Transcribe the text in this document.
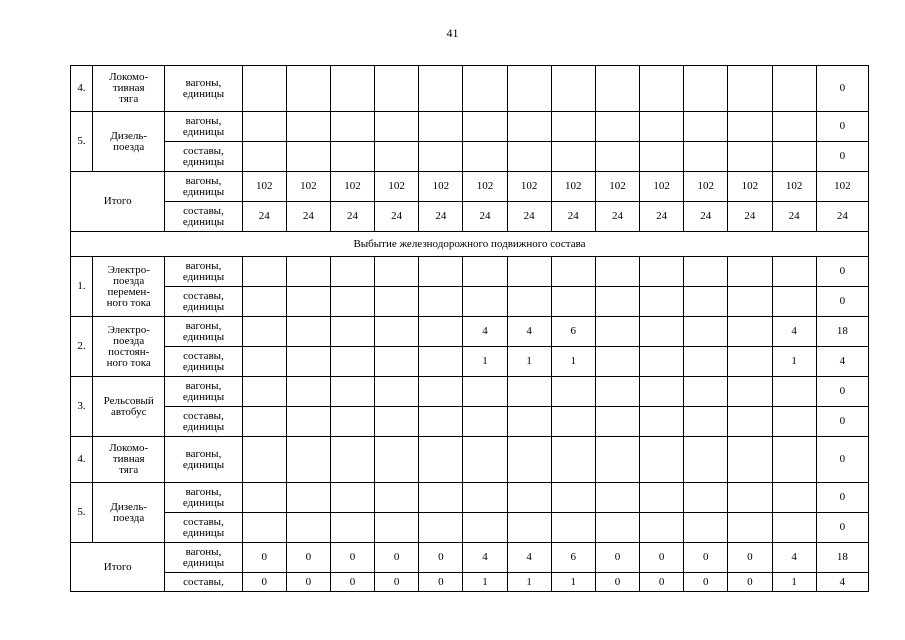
41
4.	Локомо-
тивная
тяга	вагоны,
единицы														0
5.	Дизель-
поезда	вагоны,
единицы														0
		составы,
единицы														0
Итого		вагоны,
единицы	102	102	102	102	102	102	102	102	102	102	102	102	102	102
		составы,
единицы	24	24	24	24	24	24	24	24	24	24	24	24	24	24
Выбытие железнодорожного подвижного состава																
1.	Электро-
поезда
перемен-
ного тока	вагоны,
единицы														0
		составы,
единицы														0
2.	Электро-
поезда
постоян-
ного тока	вагоны,
единицы						4	4	6					4	18
		составы,
единицы						1	1	1					1	4
3.	Рельсовый
автобус	вагоны,
единицы														0
		составы,
единицы														0
4.	Локомо-
тивная
тяга	вагоны,
единицы														0
5.	Дизель-
поезда	вагоны,
единицы														0
		составы,
единицы														0
Итого		вагоны,
единицы	0	0	0	0	0	4	4	6	0	0	0	0	4	18
		составы,	0	0	0	0	0	1	1	1	0	0	0	0	1	4
